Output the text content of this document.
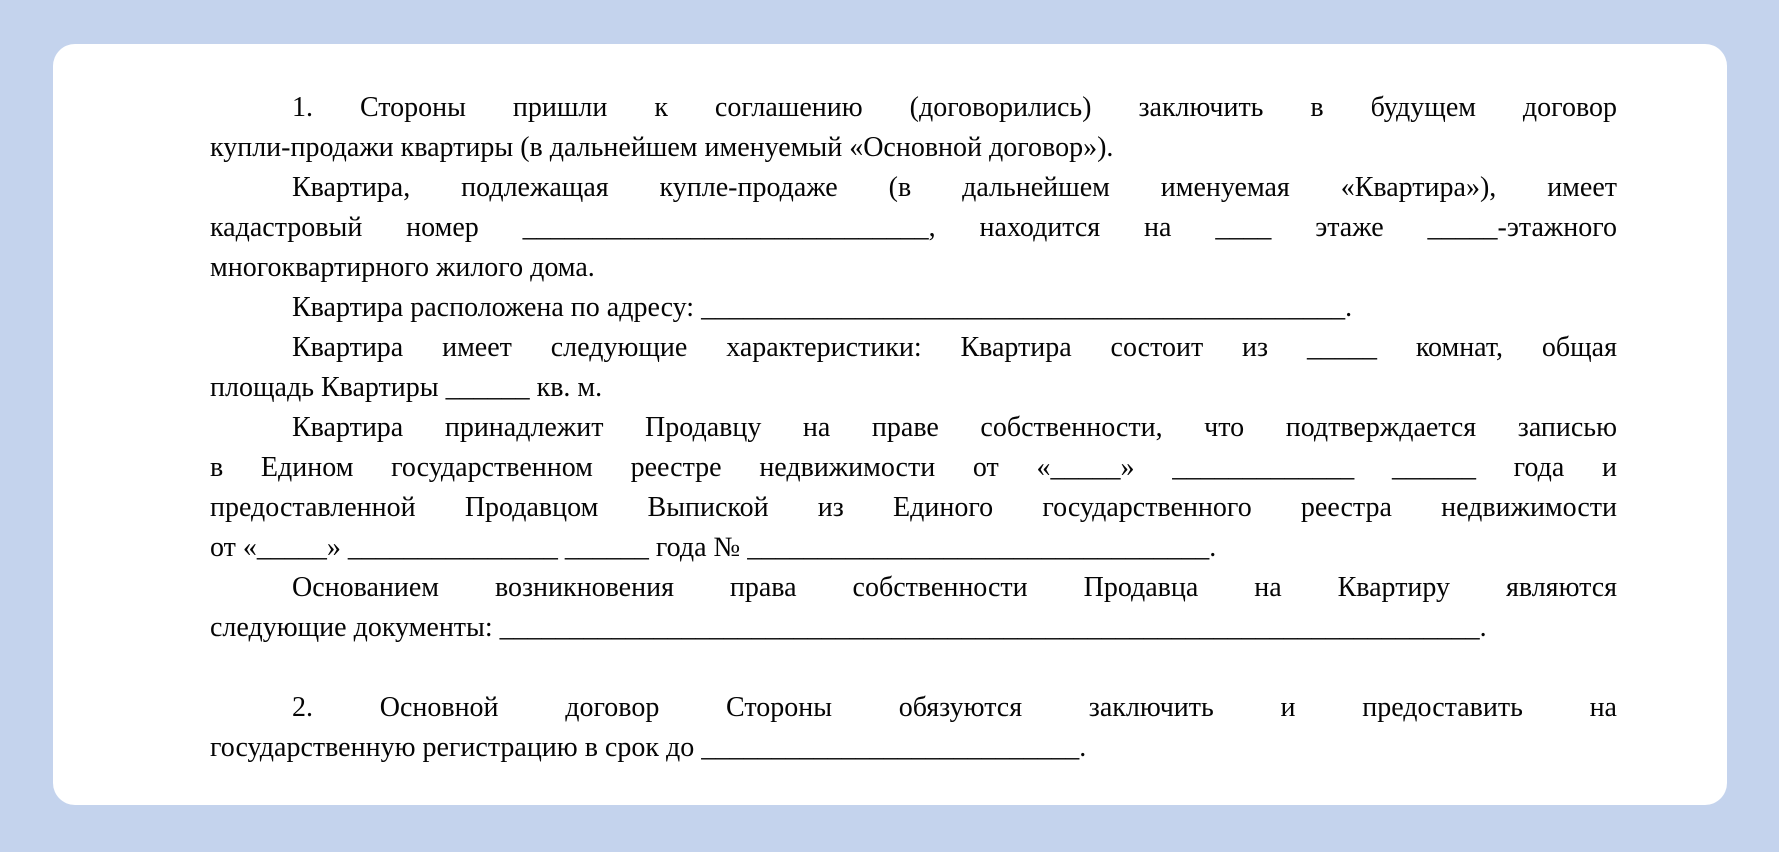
1. Стороны пришли к соглашению (договорились) заключить в будущем договор
купли-продажи квартиры (в дальнейшем именуемый «Основной договор»).
Квартира, подлежащая купле-продаже (в дальнейшем именуемая «Квартира»), имеет
кадастровый номер _____________________________, находится на ____ этаже _____-этажного
многоквартирного жилого дома.
Квартира расположена по адресу: ______________________________________________.
Квартира имеет следующие характеристики: Квартира состоит из _____ комнат, общая
площадь Квартиры ______ кв. м.
Квартира принадлежит Продавцу на праве собственности, что подтверждается записью
в Едином государственном реестре недвижимости от «_____» _____________ ______ года и
предоставленной Продавцом Выпиской из Единого государственного реестра недвижимости
от «_____» _______________ ______ года № _________________________________.
Основанием возникновения права собственности Продавца на Квартиру являются
следующие документы: ______________________________________________________________________.
2. Основной договор Стороны обязуются заключить и предоставить на
государственную регистрацию в срок до ___________________________.
